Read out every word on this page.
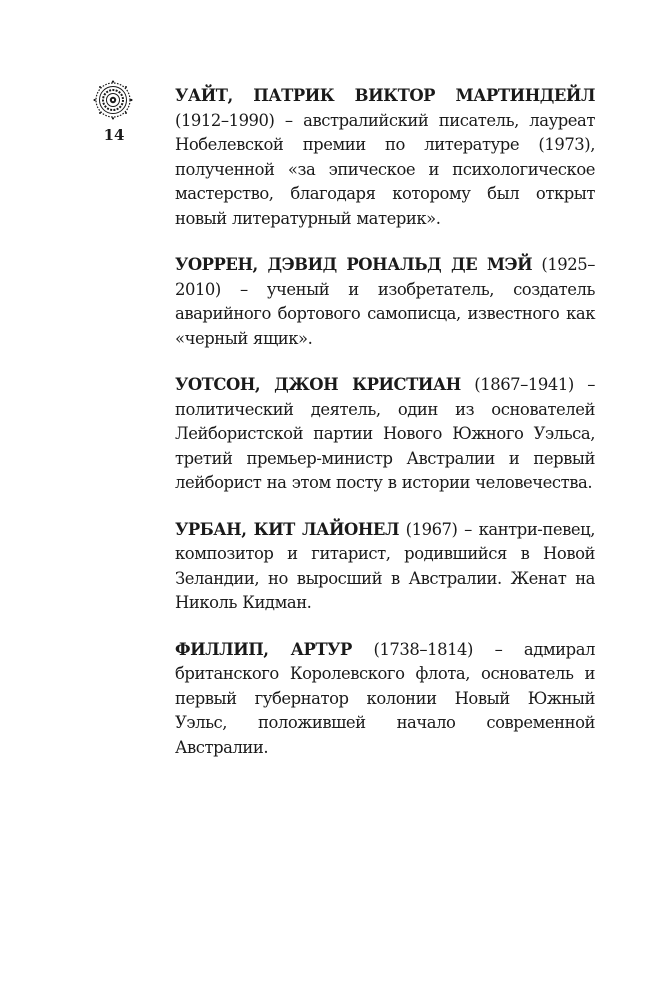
14

УАЙТ, ПАТРИК ВИКТОР МАРТИНДЕЙЛ (1912–1990) – австралийский писатель, лауреат Нобелевской премии по литературе (1973), полученной «за эпическое и психологическое мастерство, благодаря которому был открыт новый литературный материк».

УОРРЕН, ДЭВИД РОНАЛЬД ДЕ МЭЙ (1925–2010) – ученый и изобретатель, создатель аварийного бортового самописца, известного как «черный ящик».

УОТСОН, ДЖОН КРИСТИАН (1867–1941) – политический деятель, один из основателей Лейбористской партии Нового Южного Уэльса, третий премьер-министр Австралии и первый лейборист на этом посту в истории человечества.

УРБАН, КИТ ЛАЙОНЕЛ (1967) – кантри-певец, композитор и гитарист, родившийся в Новой Зеландии, но выросший в Австралии. Женат на Николь Кидман.

ФИЛЛИП, АРТУР (1738–1814) – адмирал британского Королевского флота, основатель и первый губернатор колонии Новый Южный Уэльс, положившей начало современной Австралии.
